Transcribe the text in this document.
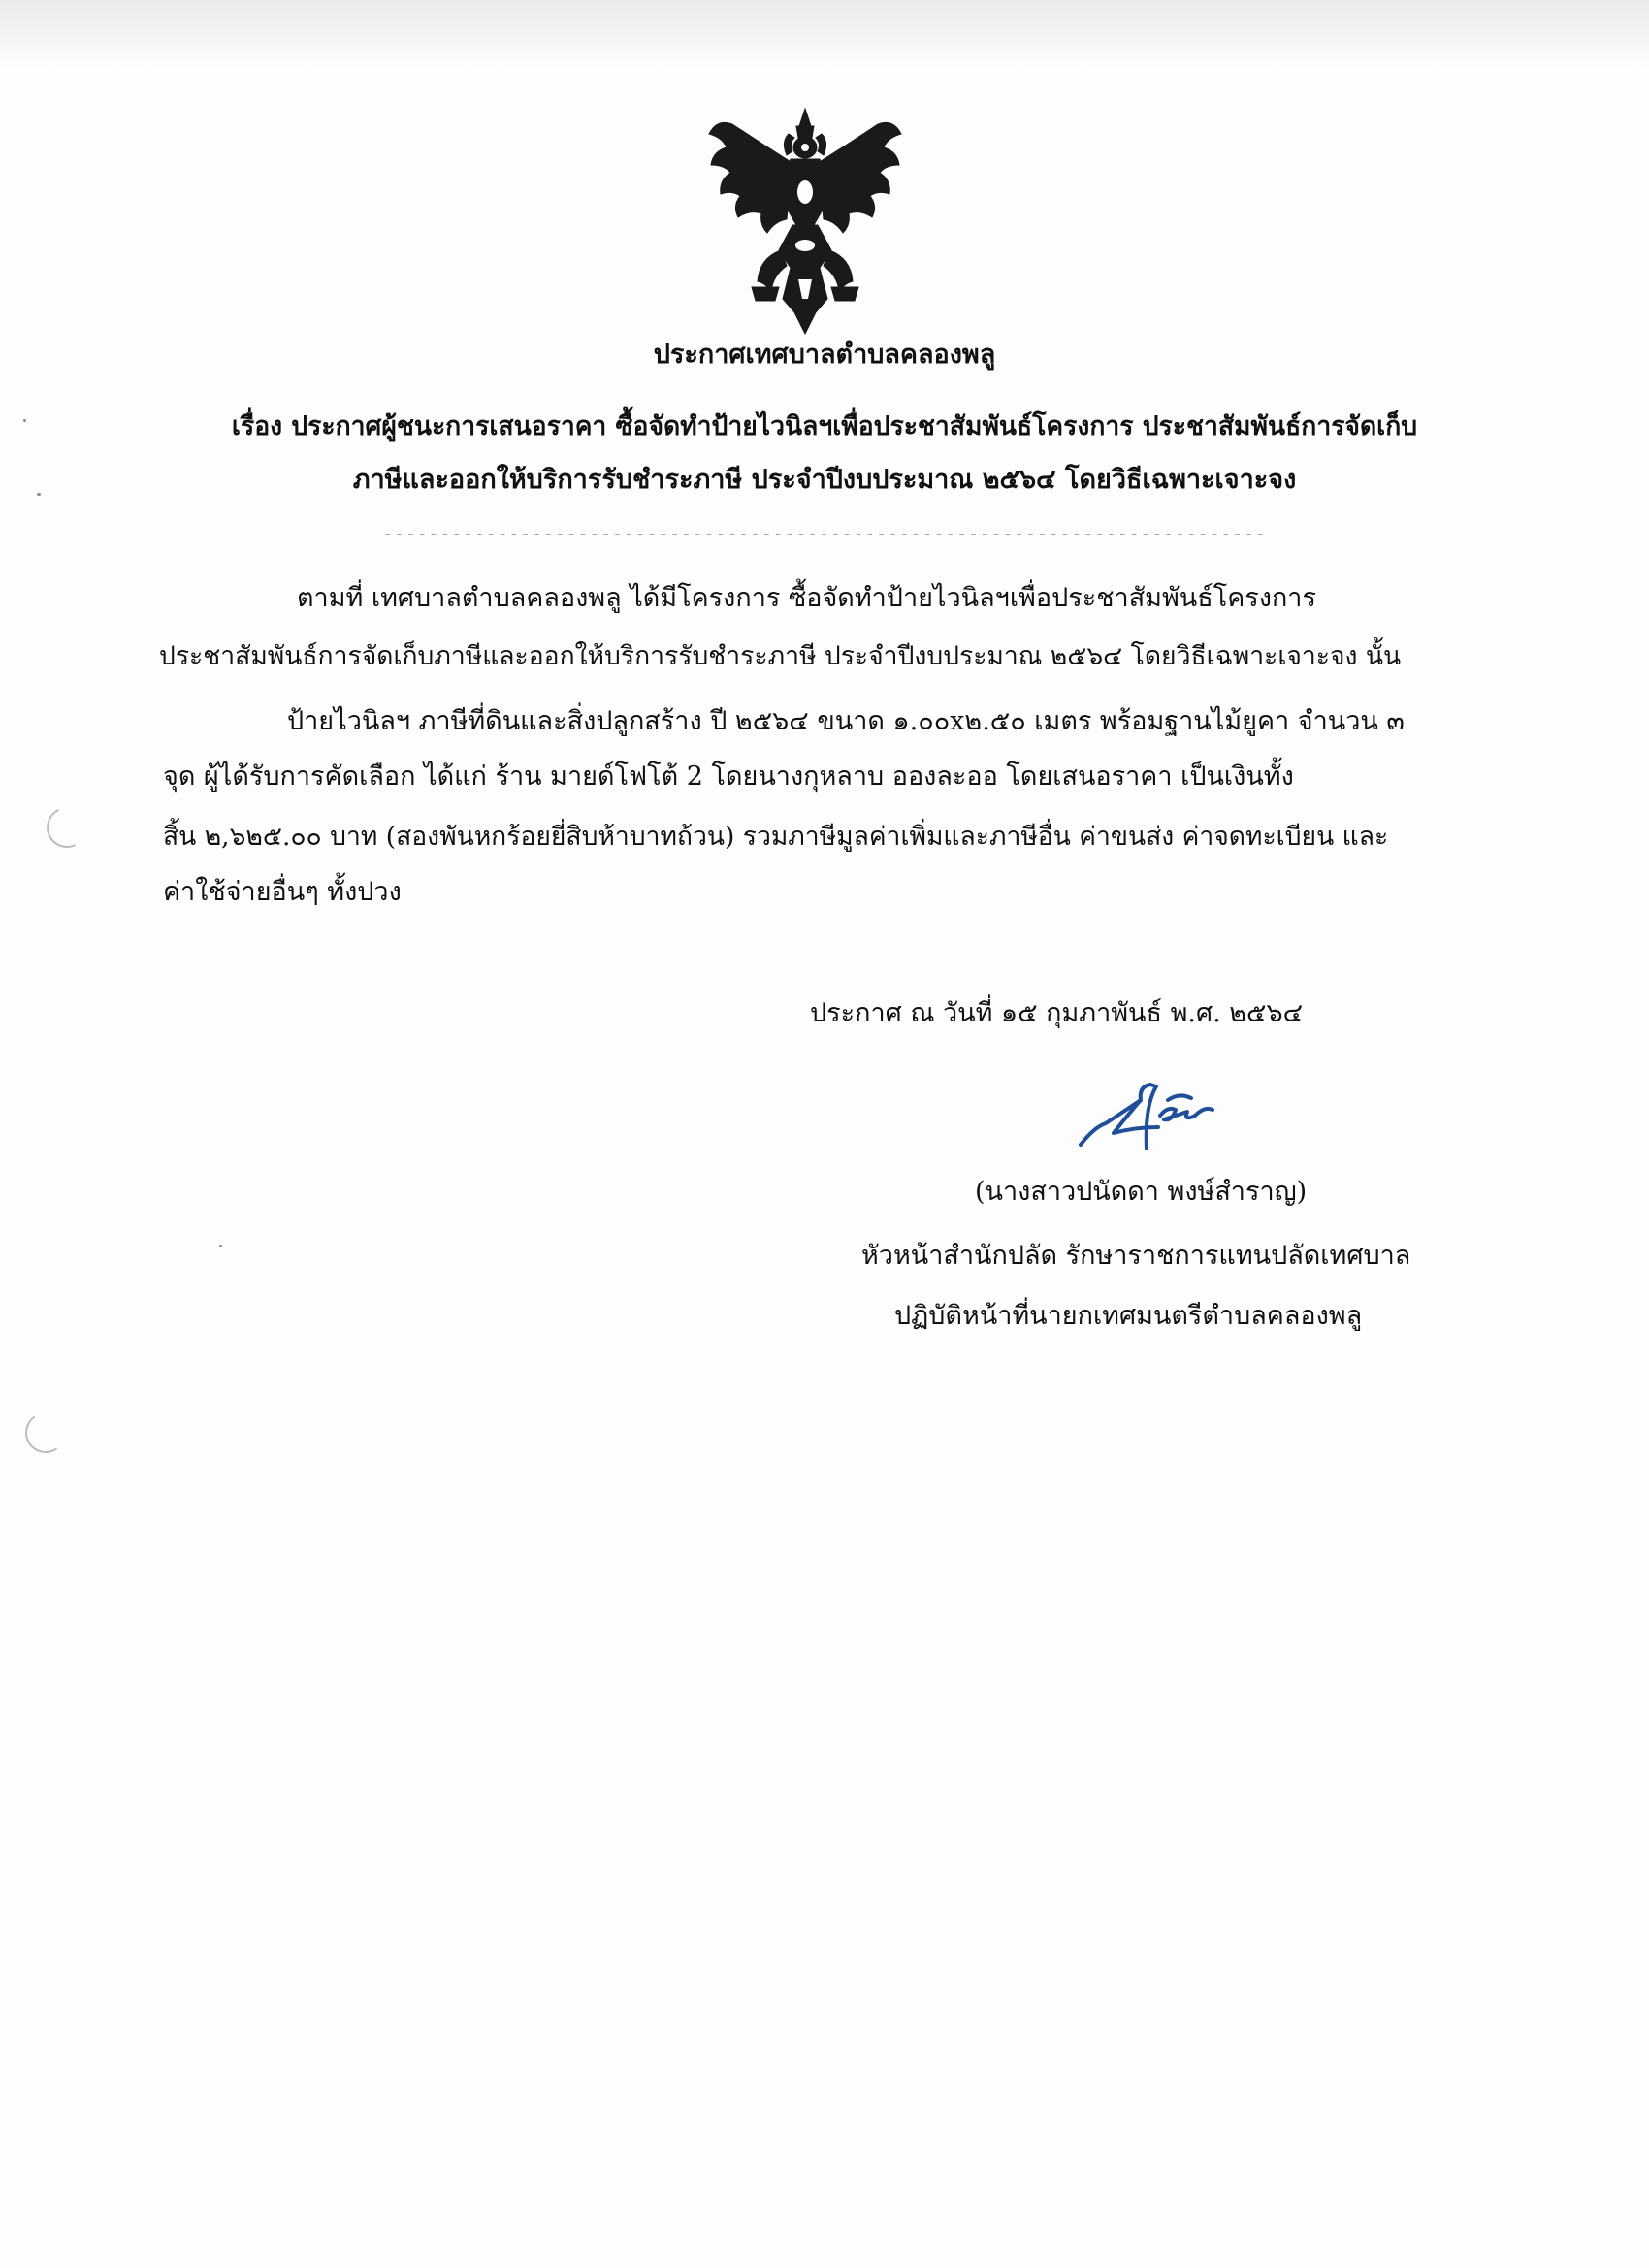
ประกาศเทศบาลตำบลคลองพลู
เรื่อง ประกาศผู้ชนะการเสนอราคา ซื้อจัดทำป้ายไวนิลฯเพื่อประชาสัมพันธ์โครงการ ประชาสัมพันธ์การจัดเก็บ
ภาษีและออกให้บริการรับชำระภาษี ประจำปีงบประมาณ ๒๕๖๔ โดยวิธีเฉพาะเจาะจง
-----------------------------------------------------------------------------
ตามที่ เทศบาลตำบลคลองพลู ได้มีโครงการ ซื้อจัดทำป้ายไวนิลฯเพื่อประชาสัมพันธ์โครงการ
ประชาสัมพันธ์การจัดเก็บภาษีและออกให้บริการรับชำระภาษี ประจำปีงบประมาณ ๒๕๖๔ โดยวิธีเฉพาะเจาะจง นั้น
ป้ายไวนิลฯ ภาษีที่ดินและสิ่งปลูกสร้าง ปี ๒๕๖๔ ขนาด ๑.๐๐x๒.๕๐ เมตร พร้อมฐานไม้ยูคา จำนวน ๓
จุด ผู้ได้รับการคัดเลือก ได้แก่ ร้าน มายด์โฟโต้ 2 โดยนางกุหลาบ อองละออ โดยเสนอราคา เป็นเงินทั้ง
สิ้น ๒,๖๒๕.๐๐ บาท (สองพันหกร้อยยี่สิบห้าบาทถ้วน) รวมภาษีมูลค่าเพิ่มและภาษีอื่น ค่าขนส่ง ค่าจดทะเบียน และ
ค่าใช้จ่ายอื่นๆ ทั้งปวง
ประกาศ ณ วันที่ ๑๕ กุมภาพันธ์ พ.ศ. ๒๕๖๔
(นางสาวปนัดดา พงษ์สำราญ)
หัวหน้าสำนักปลัด รักษาราชการแทนปลัดเทศบาล
ปฏิบัติหน้าที่นายกเทศมนตรีตำบลคลองพลู
